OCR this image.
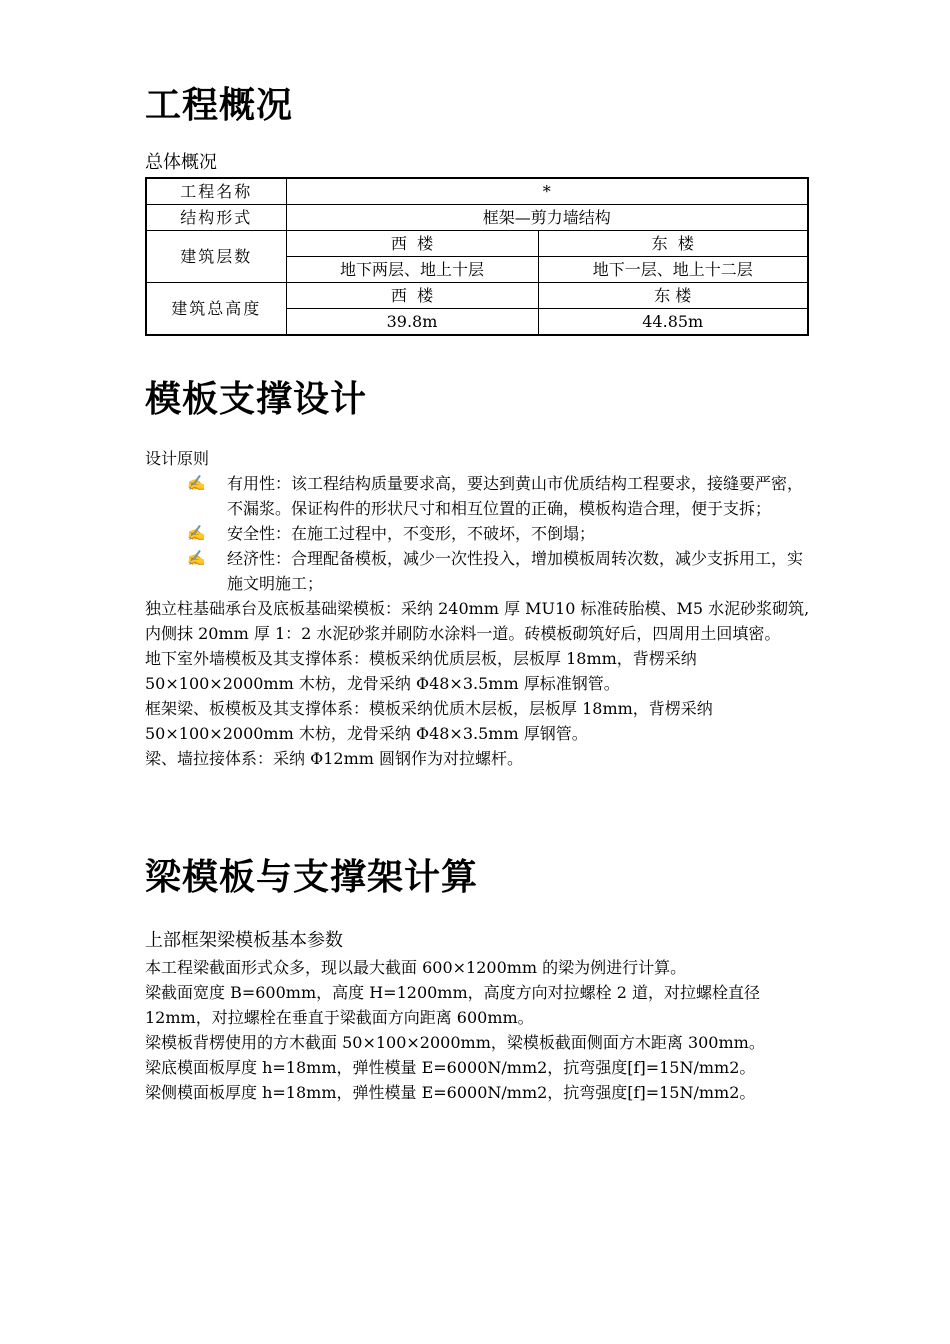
工程概况
总体概况
工程名称	*	
结构形式	框架—剪力墙结构	
建筑层数	西  楼	东  楼
	地下两层、地上十层	地下一层、地上十二层
建筑总高度	西  楼	东 楼
	39.8m	44.85m
模板支撑设计

设计原则

✍ 有用性：该工程结构质量要求高，要达到黄山市优质结构工程要求，接缝要严密，不漏浆。保证构件的形状尺寸和相互位置的正确，模板构造合理，便于支拆；
✍ 安全性：在施工过程中，不变形，不破坏，不倒塌；
✍ 经济性：合理配备模板，减少一次性投入，增加模板周转次数，减少支拆用工，实施文明施工；

独立柱基础承台及底板基础梁模板：采纳 240mm 厚 MU10 标准砖胎模、M5 水泥砂浆砌筑,内侧抹 20mm 厚 1：2 水泥砂浆并刷防水涂料一道。砖模板砌筑好后，四周用土回填密。

地下室外墙模板及其支撑体系：模板采纳优质层板，层板厚 18mm，背楞采纳50×100×2000mm 木枋，龙骨采纳 Φ48×3.5mm 厚标准钢管。

框架梁、板模板及其支撑体系：模板采纳优质木层板，层板厚 18mm，背楞采纳 50×100×2000mm 木枋，龙骨采纳 Φ48×3.5mm 厚钢管。

梁、墙拉接体系：采纳 Φ12mm 圆钢作为对拉螺杆。

梁模板与支撑架计算
上部框架梁模板基本参数

本工程梁截面形式众多，现以最大截面 600×1200mm 的梁为例进行计算。

梁截面宽度 B=600mm，高度 H=1200mm，高度方向对拉螺栓 2 道，对拉螺栓直径 12mm，对拉螺栓在垂直于梁截面方向距离 600mm。

梁模板背楞使用的方木截面 50×100×2000mm，梁模板截面侧面方木距离 300mm。

梁底模面板厚度 h=18mm，弹性模量 E=6000N/mm2，抗弯强度[f]=15N/mm2。

梁侧模面板厚度 h=18mm，弹性模量 E=6000N/mm2，抗弯强度[f]=15N/mm2。
